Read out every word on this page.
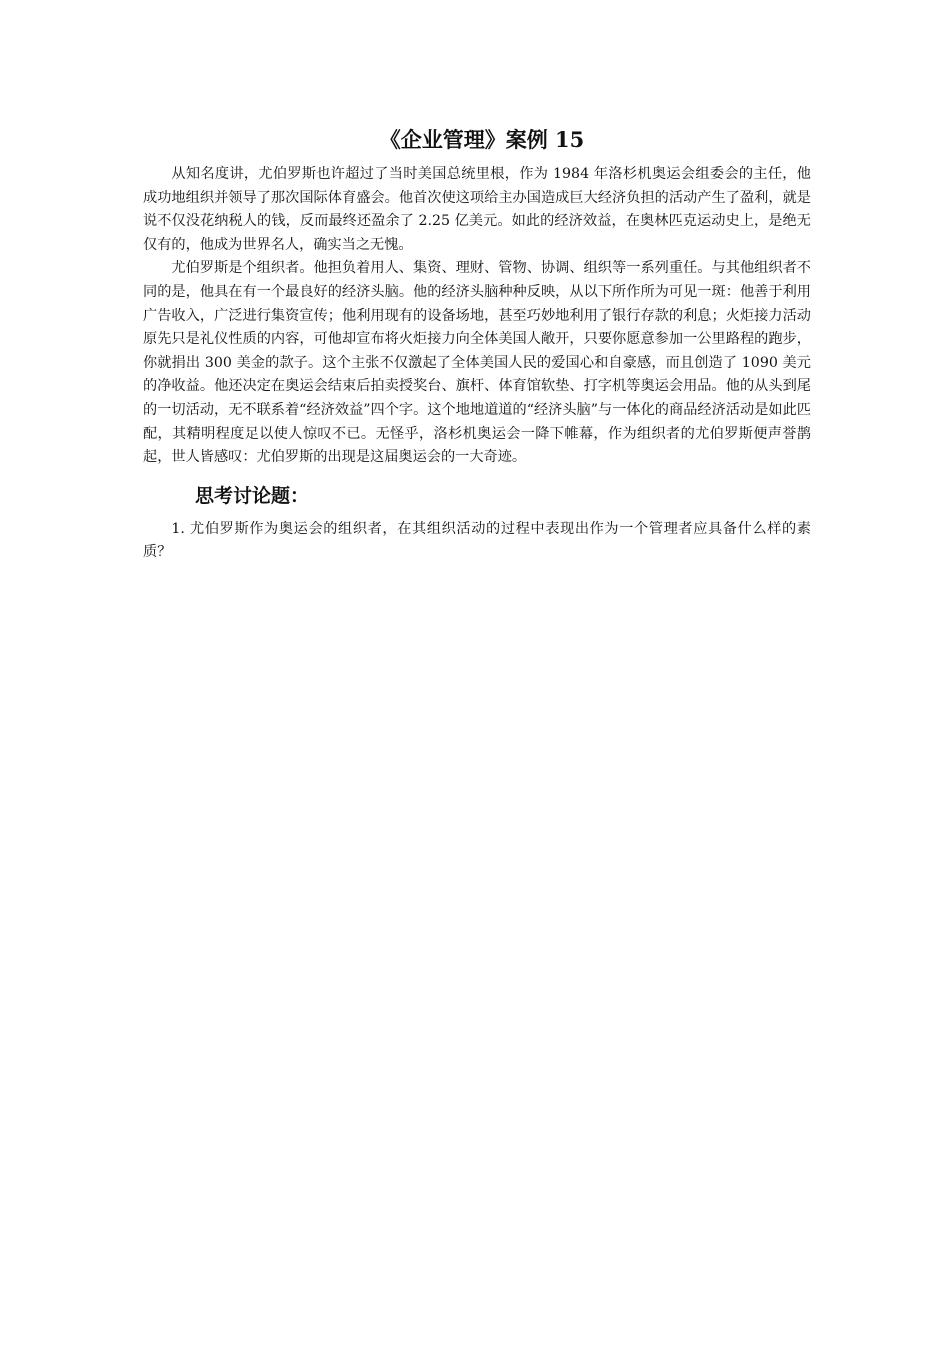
《企业管理》案例 15

从知名度讲，尤伯罗斯也许超过了当时美国总统里根，作为 1984 年洛杉机奥运会组委会的主任，他成功地组织并领导了那次国际体育盛会。他首次使这项给主办国造成巨大经济负担的活动产生了盈利，就是说不仅没花纳税人的钱，反而最终还盈余了 2.25 亿美元。如此的经济效益，在奥林匹克运动史上，是绝无仅有的，他成为世界名人，确实当之无愧。

尤伯罗斯是个组织者。他担负着用人、集资、理财、管物、协调、组织等一系列重任。与其他组织者不同的是，他具在有一个最良好的经济头脑。他的经济头脑种种反映，从以下所作所为可见一斑：他善于利用广告收入，广泛进行集资宣传；他利用现有的设备场地，甚至巧妙地利用了银行存款的利息；火炬接力活动原先只是礼仪性质的内容，可他却宣布将火炬接力向全体美国人敞开，只要你愿意参加一公里路程的跑步，你就捐出 300 美金的款子。这个主张不仅激起了全体美国人民的爱国心和自豪感，而且创造了 1090 美元的净收益。他还决定在奥运会结束后拍卖授奖台、旗杆、体育馆软垫、打字机等奥运会用品。他的从头到尾的一切活动，无不联系着“经济效益”四个字。这个地地道道的“经济头脑”与一体化的商品经济活动是如此匹配，其精明程度足以使人惊叹不已。无怪乎，洛杉机奥运会一降下帷幕，作为组织者的尤伯罗斯便声誉鹊起，世人皆感叹：尤伯罗斯的出现是这届奥运会的一大奇迹。

思考讨论题：

1. 尤伯罗斯作为奥运会的组织者，在其组织活动的过程中表现出作为一个管理者应具备什么样的素质？
